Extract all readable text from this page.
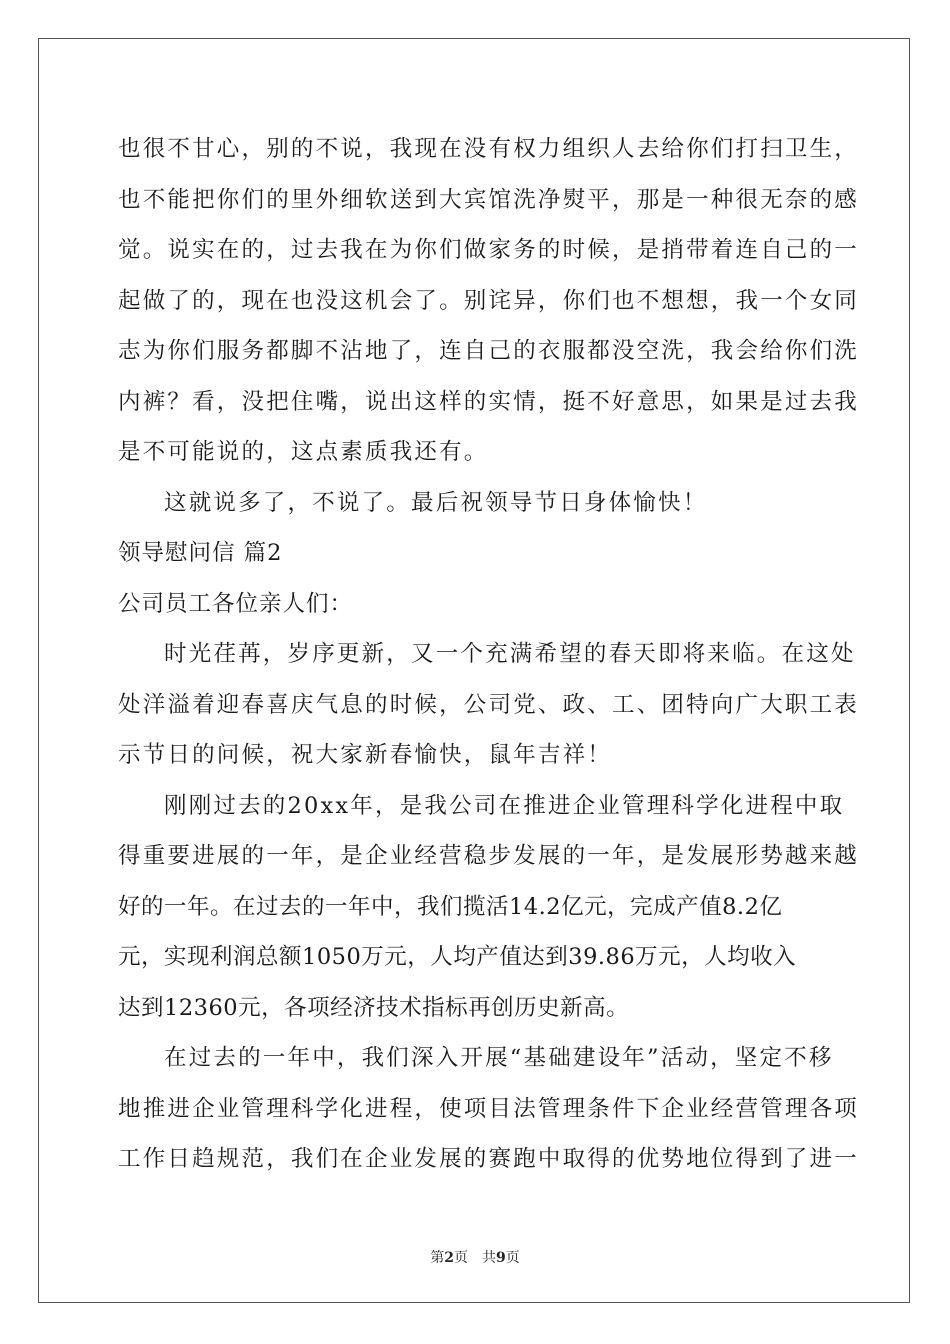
也很不甘心，别的不说，我现在没有权力组织人去给你们打扫卫生，
也不能把你们的里外细软送到大宾馆洗净熨平，那是一种很无奈的感
觉。说实在的，过去我在为你们做家务的时候，是捎带着连自己的一
起做了的，现在也没这机会了。别诧异，你们也不想想，我一个女同
志为你们服务都脚不沾地了，连自己的衣服都没空洗，我会给你们洗
内裤？看，没把住嘴，说出这样的实情，挺不好意思，如果是过去我
是不可能说的，这点素质我还有。
这就说多了，不说了。最后祝领导节日身体愉快！
领导慰问信 篇2
公司员工各位亲人们：
时光荏苒，岁序更新，又一个充满希望的春天即将来临。在这处
处洋溢着迎春喜庆气息的时候，公司党、政、工、团特向广大职工表
示节日的问候，祝大家新春愉快，鼠年吉祥！
刚刚过去的20xx年，是我公司在推进企业管理科学化进程中取
得重要进展的一年，是企业经营稳步发展的一年，是发展形势越来越
好的一年。在过去的一年中，我们揽活14.2亿元，完成产值8.2亿
元，实现利润总额1050万元，人均产值达到39.86万元，人均收入
达到12360元，各项经济技术指标再创历史新高。
在过去的一年中，我们深入开展“基础建设年”活动，坚定不移
地推进企业管理科学化进程，使项目法管理条件下企业经营管理各项
工作日趋规范，我们在企业发展的赛跑中取得的优势地位得到了进一
第2页 共9页
